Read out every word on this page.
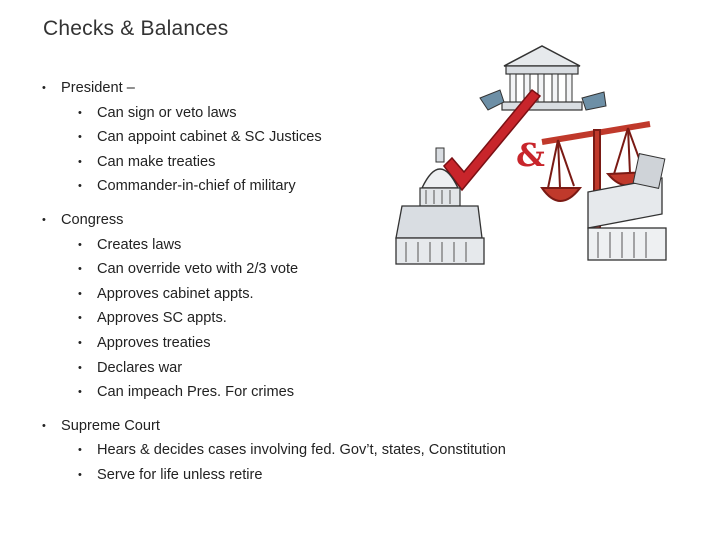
Checks & Balances
• President –
• Can sign or veto laws
• Can appoint cabinet & SC Justices
• Can make treaties
• Commander-in-chief of military
• Congress
• Creates laws
• Can override veto with 2/3 vote
• Approves cabinet appts.
• Approves SC appts.
• Approves treaties
• Declares war
• Can impeach Pres. For crimes
• Supreme Court
• Hears & decides cases involving fed. Gov’t, states, Constitution
• Serve for life unless retire
&
